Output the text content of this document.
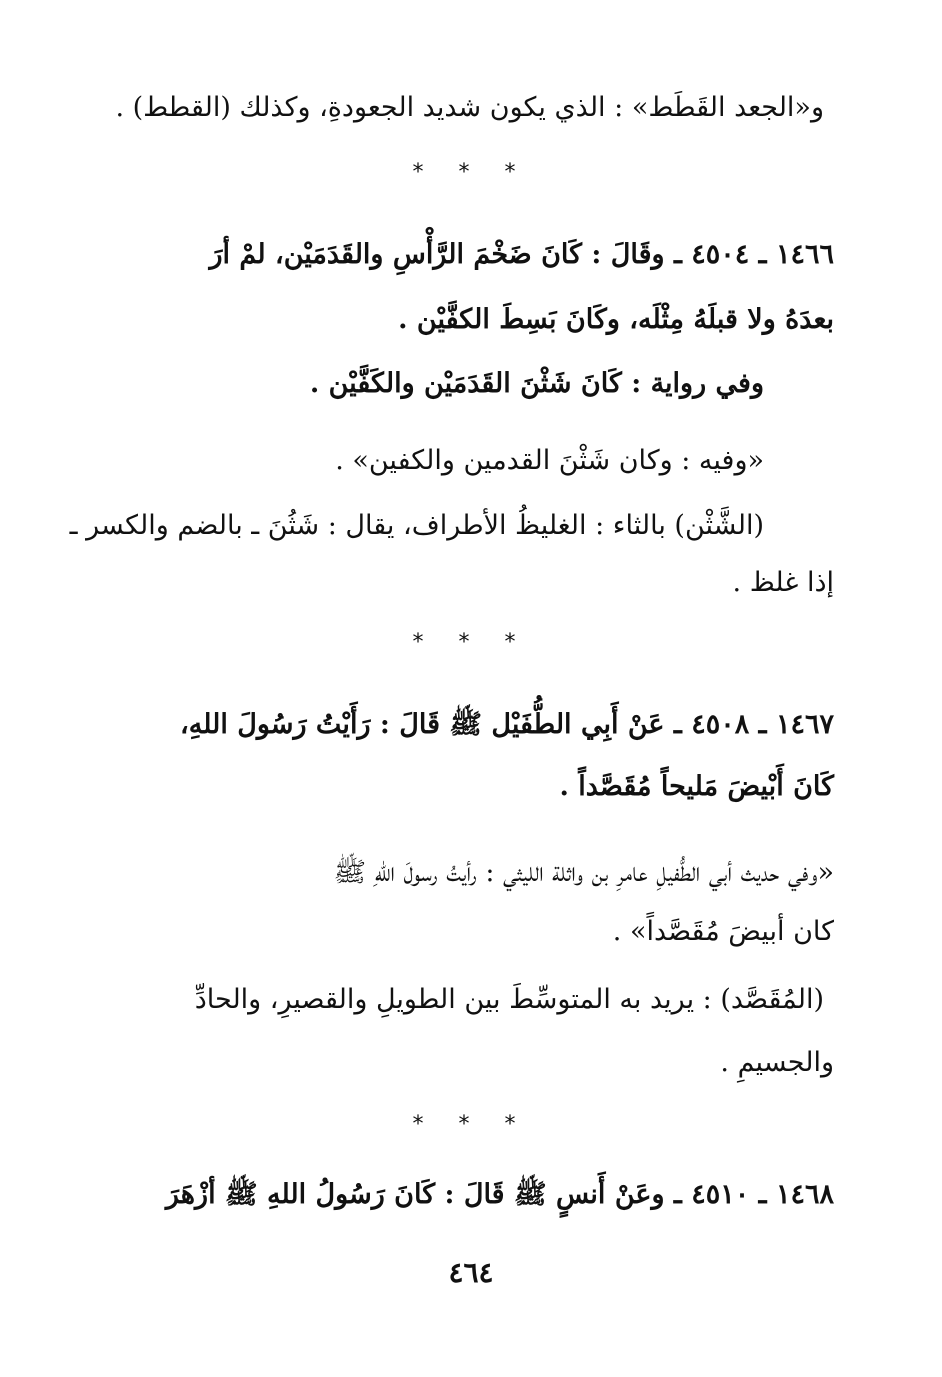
و«الجعد القَطَط» : الذي يكون شديد الجعودةِ، وكذلك (القطط) .
* * *
١٤٦٦ ـ ٤٥٠٤ ـ وقَالَ : كَانَ ضَخْمَ الرَّأْسِ والقَدَمَيْن، لمْ أرَ
بعدَهُ ولا قبلَهُ مِثْلَه، وكَانَ بَسِطَ الكفَّيْن .
وفي رواية : كَانَ شَثْنَ القَدَمَيْن والكَفَّيْن .
«وفيه : وكان شَثْنَ القدمين والكفين» .
(الشَّثْن) بالثاء : الغليظُ الأطراف، يقال : شَثُنَ ـ بالضم والكسر ـ
إذا غلظ .
* * *
١٤٦٧ ـ ٤٥٠٨ ـ عَنْ أَبِي الطُّفَيْل ﷺ قَالَ : رَأَيْتُ رَسُولَ اللهِ،
كَانَ أَبْيضَ مَليحاً مُقَصَّداً .
«وفي حديث أبي الطُّفيلِ عامرِ بن واثلة الليثي : رأيتُ رسولَ اللهِ ﷺ
كان أبيضَ مُقَصَّداً» .
(المُقَصَّد) : يريد به المتوسِّطَ بين الطويلِ والقصيرِ، والحادِّ
والجسيمِ .
* * *
١٤٦٨ ـ ٤٥١٠ ـ وعَنْ أَنسٍ ﷺ قَالَ : كَانَ رَسُولُ اللهِ ﷺ أزْهَرَ
٤٦٤
